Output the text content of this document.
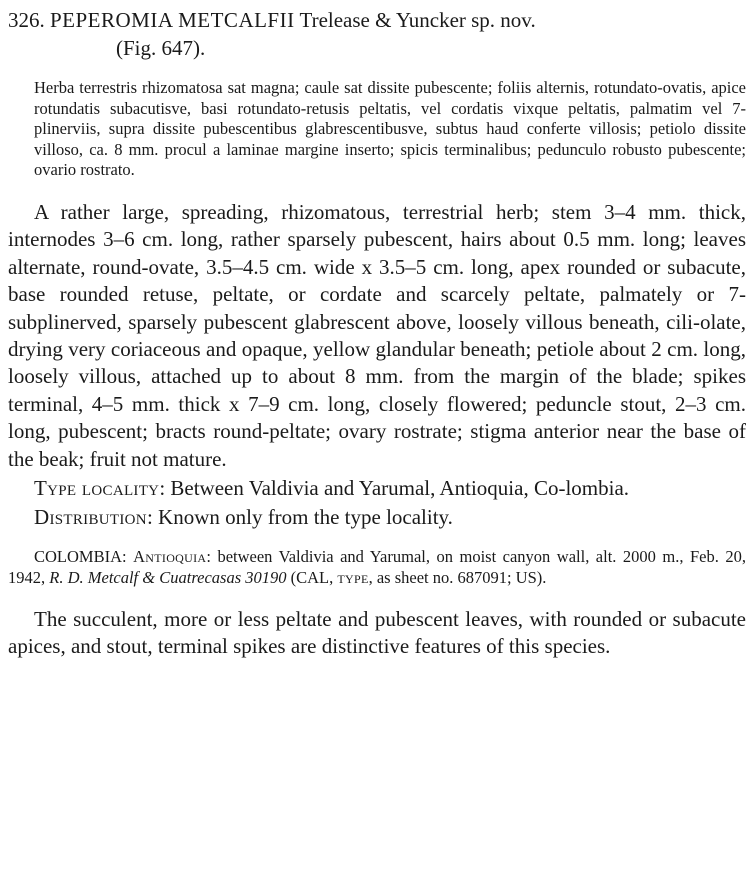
326. PEPEROMIA METCALFII Trelease & Yuncker sp. nov.
(Fig. 647).

Herba terrestris rhizomatosa sat magna; caule sat dissite pubescente; foliis alternis, rotundato-ovatis, apice rotundatis subacutisve, basi rotundato-retusis peltatis, vel cordatis vixque peltatis, palmatim vel 7-plinerviis, supra dissite pubescentibus glabrescentibusve, subtus haud conferte villosis; petiolo dissite villoso, ca. 8 mm. procul a laminae margine inserto; spicis terminalibus; pedunculo robusto pubescente; ovario rostrato.

A rather large, spreading, rhizomatous, terrestrial herb; stem 3–4 mm. thick, internodes 3–6 cm. long, rather sparsely pubescent, hairs about 0.5 mm. long; leaves alternate, round-ovate, 3.5–4.5 cm. wide x 3.5–5 cm. long, apex rounded or subacute, base rounded retuse, peltate, or cordate and scarcely peltate, palmately or 7-subplinerved, sparsely pubescent glabrescent above, loosely villous beneath, cili-olate, drying very coriaceous and opaque, yellow glandular beneath; petiole about 2 cm. long, loosely villous, attached up to about 8 mm. from the margin of the blade; spikes terminal, 4–5 mm. thick x 7–9 cm. long, closely flowered; peduncle stout, 2–3 cm. long, pubescent; bracts round-peltate; ovary rostrate; stigma anterior near the base of the beak; fruit not mature.

Type locality: Between Valdivia and Yarumal, Antioquia, Co-lombia.

Distribution: Known only from the type locality.

COLOMBIA: Antioquia: between Valdivia and Yarumal, on moist canyon wall, alt. 2000 m., Feb. 20, 1942, R. D. Metcalf & Cuatrecasas 30190 (CAL, type, as sheet no. 687091; US).

The succulent, more or less peltate and pubescent leaves, with rounded or subacute apices, and stout, terminal spikes are distinctive features of this species.
